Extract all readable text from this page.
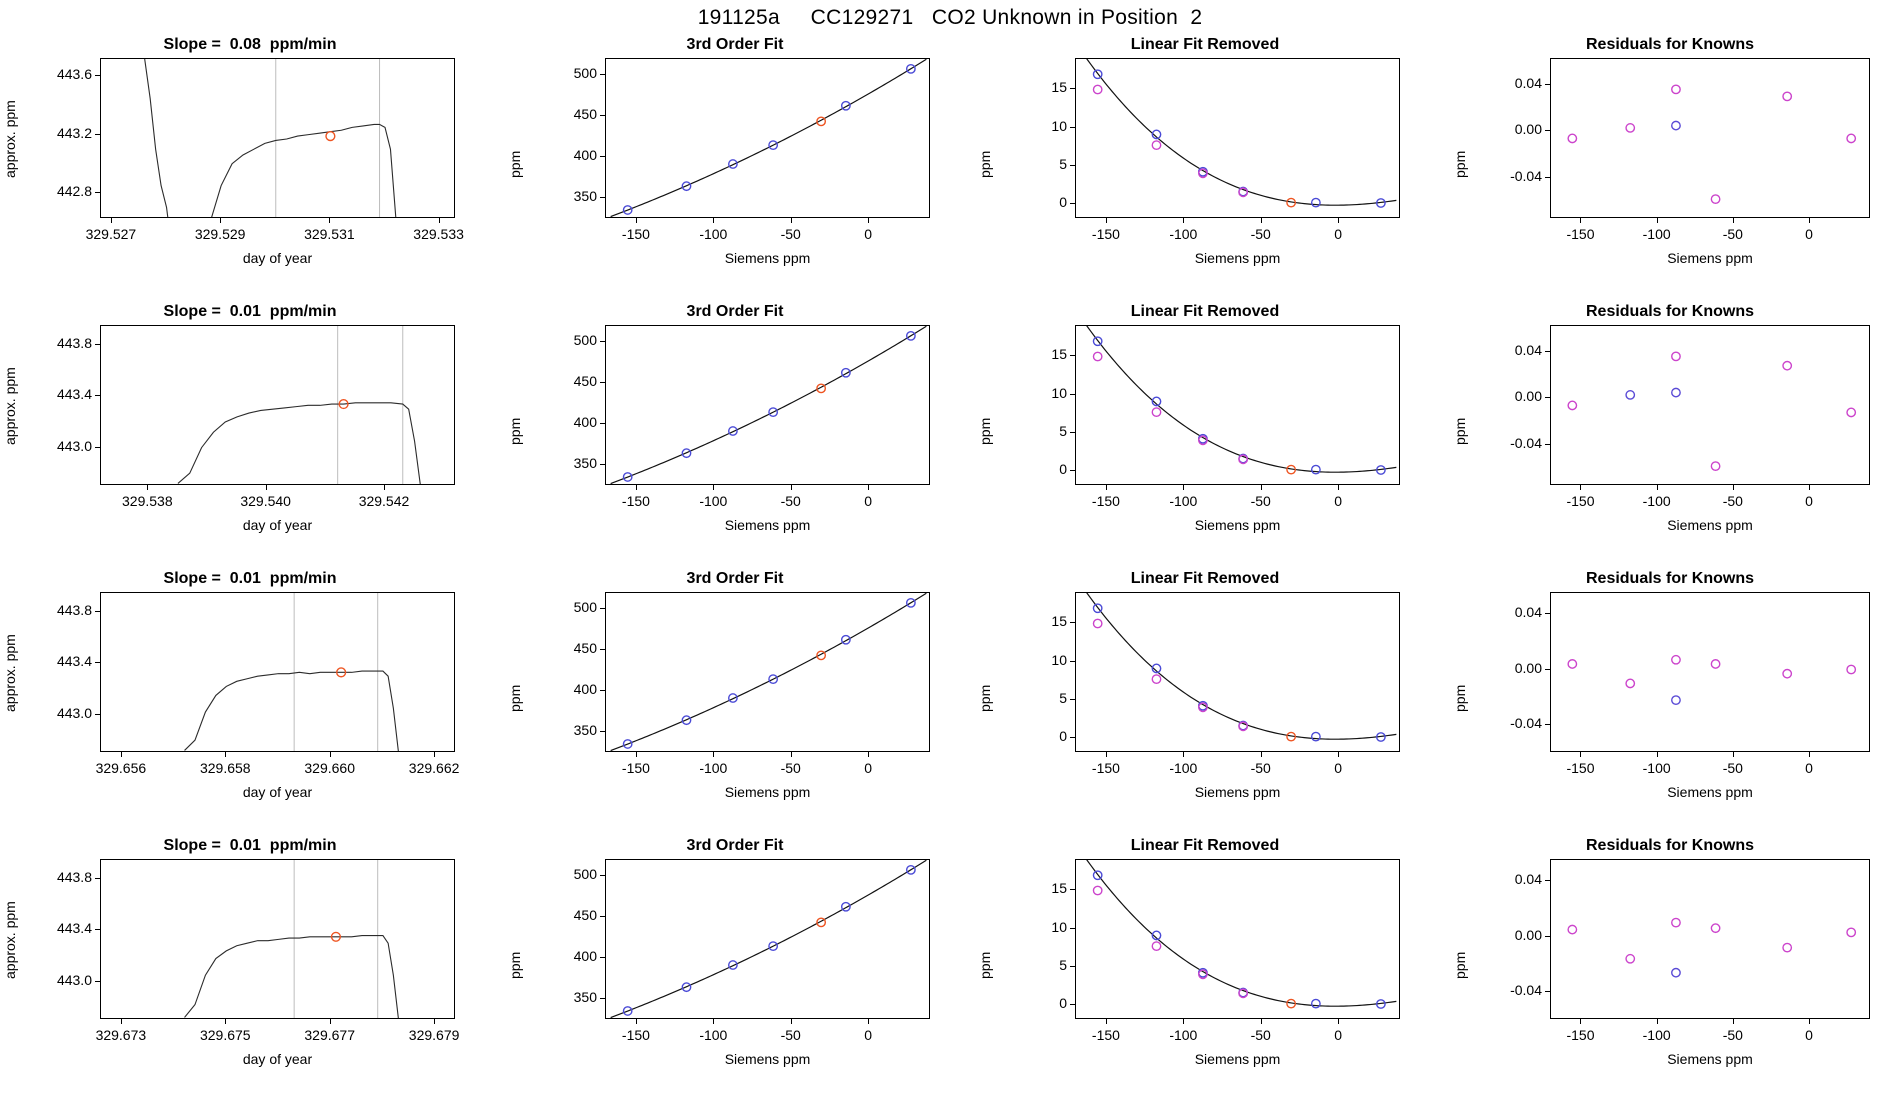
191125a     CC129271   CO2 Unknown in Position  2
Slope =  0.08  ppm/min
329.527	329.529	329.531	329.533
442.8
443.2
443.6
day of year
approx. ppm
3rd Order Fit
-150	-100	-50	0
350
400
450
500
Siemens ppm
ppm
Linear Fit Removed
-150	-100	-50	0
0
5
10
15
Siemens ppm
ppm
Residuals for Knowns
-150	-100	-50	0
-0.04
0.00
0.04
Siemens ppm
ppm
Slope =  0.01  ppm/min
329.538	329.540	329.542
443.0
443.4
443.8
day of year
approx. ppm
3rd Order Fit
-150	-100	-50	0
350
400
450
500
Siemens ppm
ppm
Linear Fit Removed
-150	-100	-50	0
0
5
10
15
Siemens ppm
ppm
Residuals for Knowns
-150	-100	-50	0
-0.04
0.00
0.04
Siemens ppm
ppm
Slope =  0.01  ppm/min
329.656	329.658	329.660	329.662
443.0
443.4
443.8
day of year
approx. ppm
3rd Order Fit
-150	-100	-50	0
350
400
450
500
Siemens ppm
ppm
Linear Fit Removed
-150	-100	-50	0
0
5
10
15
Siemens ppm
ppm
Residuals for Knowns
-150	-100	-50	0
-0.04
0.00
0.04
Siemens ppm
ppm
Slope =  0.01  ppm/min
329.673	329.675	329.677	329.679
443.0
443.4
443.8
day of year
approx. ppm
3rd Order Fit
-150	-100	-50	0
350
400
450
500
Siemens ppm
ppm
Linear Fit Removed
-150	-100	-50	0
0
5
10
15
Siemens ppm
ppm
Residuals for Knowns
-150	-100	-50	0
-0.04
0.00
0.04
Siemens ppm
ppm
